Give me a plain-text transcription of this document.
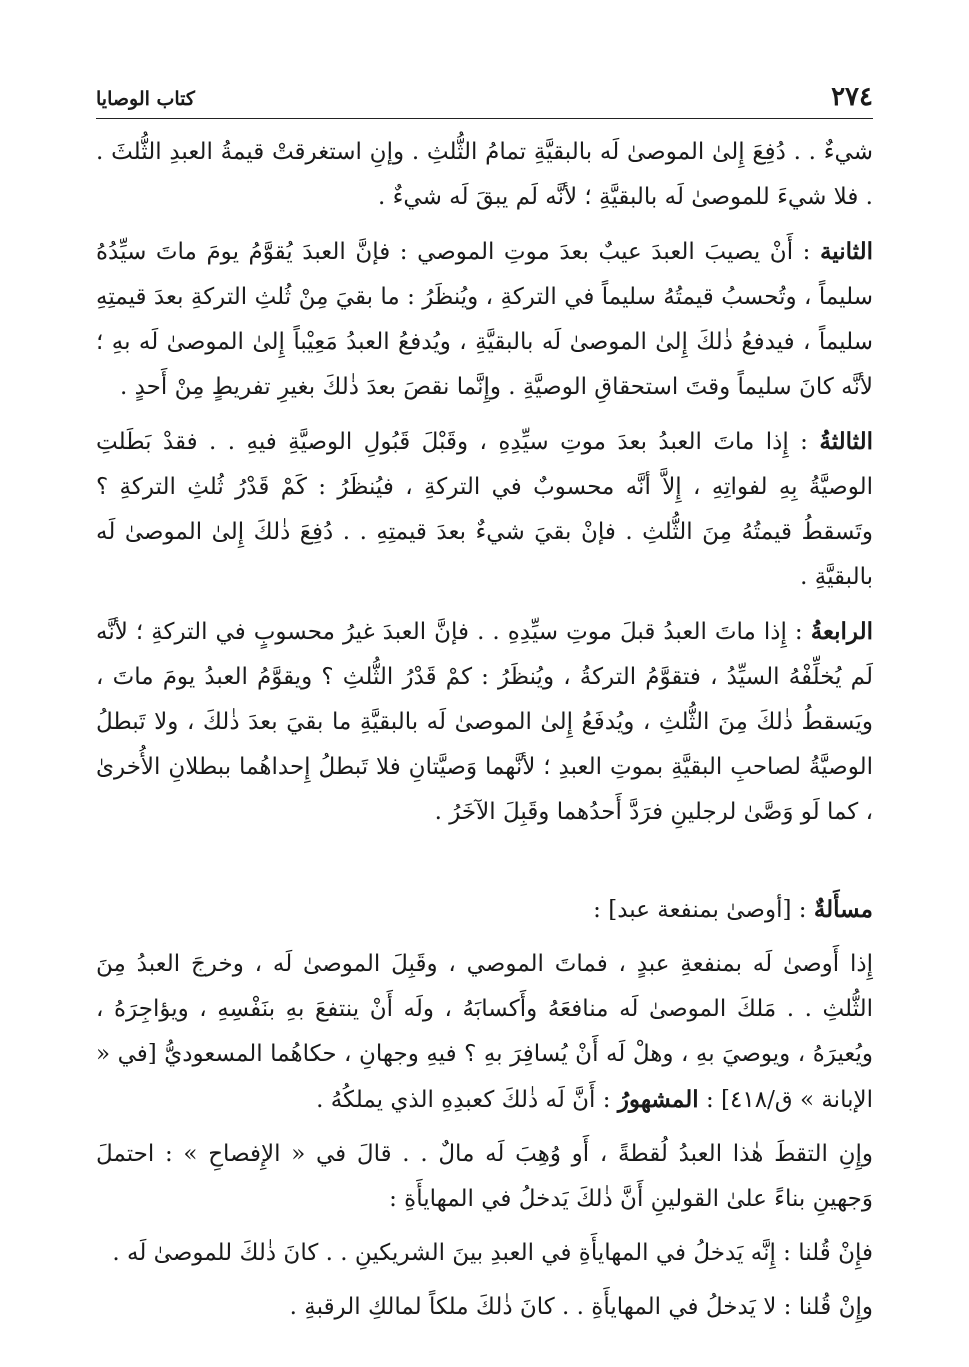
٢٧٤
كتاب الوصايا

شيءٌ . . دُفِعَ إِلىٰ الموصىٰ لَه بالبقيَّةِ تمامُ الثُّلثِ . وإنِ استغرقتْ قيمةُ العبدِ الثُّلثَ . . فلا شيءَ للموصىٰ لَه بالبقيَّةِ ؛ لأنَّه لَم يبقَ لَه شيءٌ .

الثانية : أَنْ يصيبَ العبدَ عيبٌ بعدَ موتِ الموصي : فإنَّ العبدَ يُقوَّمُ يومَ ماتَ سيِّدُهُ سليماً ، وتُحسبُ قيمتُهُ سليماً في التركةِ ، ويُنظَرُ : ما بقيَ مِنْ ثُلثِ التركةِ بعدَ قيمتِهِ سليماً ، فيدفعُ ذٰلكَ إِلىٰ الموصىٰ لَه بالبقيَّةِ ، ويُدفعُ العبدُ مَعِيْباً إِلىٰ الموصىٰ لَه بهِ ؛ لأنَّه كانَ سليماً وقتَ استحقاقِ الوصيَّةِ . وإِنَّما نقصَ بعدَ ذٰلكَ بغيرِ تفريطٍ مِنْ أَحدٍ .

الثالثةُ : إِذا ماتَ العبدُ بعدَ موتِ سيِّدِهِ ، وقَبْلَ قَبُولِ الوصيَّةِ فيهِ . . فقدْ بَطَلتِ الوصيَّةُ بِهِ لفواتِهِ ، إِلاَّ أنَّه محسوبٌ في التركةِ ، فيُنظَرُ : كَمْ قَدْرُ ثُلثِ التركةِ ؟ وتَسقطُ قيمتُهُ مِنَ الثُّلثِ . فإنْ بقيَ شيءٌ بعدَ قيمتِهِ . . دُفِعَ ذٰلكَ إِلىٰ الموصىٰ لَه بالبقيَّةِ .

الرابعةُ : إِذا ماتَ العبدُ قبلَ موتِ سيِّدِهِ . . فإنَّ العبدَ غيرُ محسوبٍ في التركةِ ؛ لأنَّه لَم يُخلِّفْهُ السيِّدُ ، فتقوَّمُ التركةُ ، ويُنظَرُ : كمْ قَدْرُ الثُّلثِ ؟ ويقوَّمُ العبدُ يومَ ماتَ ، ويَسقطُ ذٰلكَ مِنَ الثُّلثِ ، ويُدفَعُ إِلىٰ الموصىٰ لَه بالبقيَّةِ ما بقيَ بعدَ ذٰلكَ ، ولا تَبطلُ الوصيَّةُ لصاحبِ البقيَّةِ بموتِ العبدِ ؛ لأنَّهما وَصيَّتانِ فلا تَبطلُ إِحداهُما ببطلانِ الأُخرىٰ ، كما لَو وَصَّىٰ لرجلينِ فرَدَّ أَحدُهما وقَبِلَ الآخَرُ .

مسأَلةٌ : [أوصىٰ بمنفعة عبد] :

إِذا أَوصىٰ لَه بمنفعةِ عبدٍ ، فماتَ الموصي ، وقَبِلَ الموصىٰ لَه ، وخرجَ العبدُ مِنَ الثُّلثِ . . مَلكَ الموصىٰ لَه منافعَهُ وأَكسابَهُ ، ولَه أَنْ ينتفعَ بهِ بنَفْسِهِ ، ويؤاجِرَهُ ، ويُعيرَهُ ، ويوصيَ بهِ ، وهلْ لَه أَنْ يُسافِرَ بهِ ؟ فيهِ وجهانِ ، حكاهُما المسعوديُّ [في « الإبانة » ق/٤١٨] : المشهورُ : أَنَّ لَه ذٰلكَ كعبدِهِ الذي يملكُهُ .

وإِنِ التقطَ هٰذا العبدُ لُقطةً ، أَو وُهِبَ لَه مالٌ . . قالَ في « الإِفصاحِ » : احتملَ وَجهينِ بناءً علىٰ القولينِ أَنَّ ذٰلكَ يَدخلُ في المهايأَةِ :

فإِنْ قُلنا : إِنَّه يَدخلُ في المهايأَةِ في العبدِ بينَ الشريكينِ . . كانَ ذٰلكَ للموصىٰ لَه .

وإِنْ قُلنا : لا يَدخلُ في المهايأَةِ . . كانَ ذٰلكَ ملكاً لمالكِ الرقبةِ .
